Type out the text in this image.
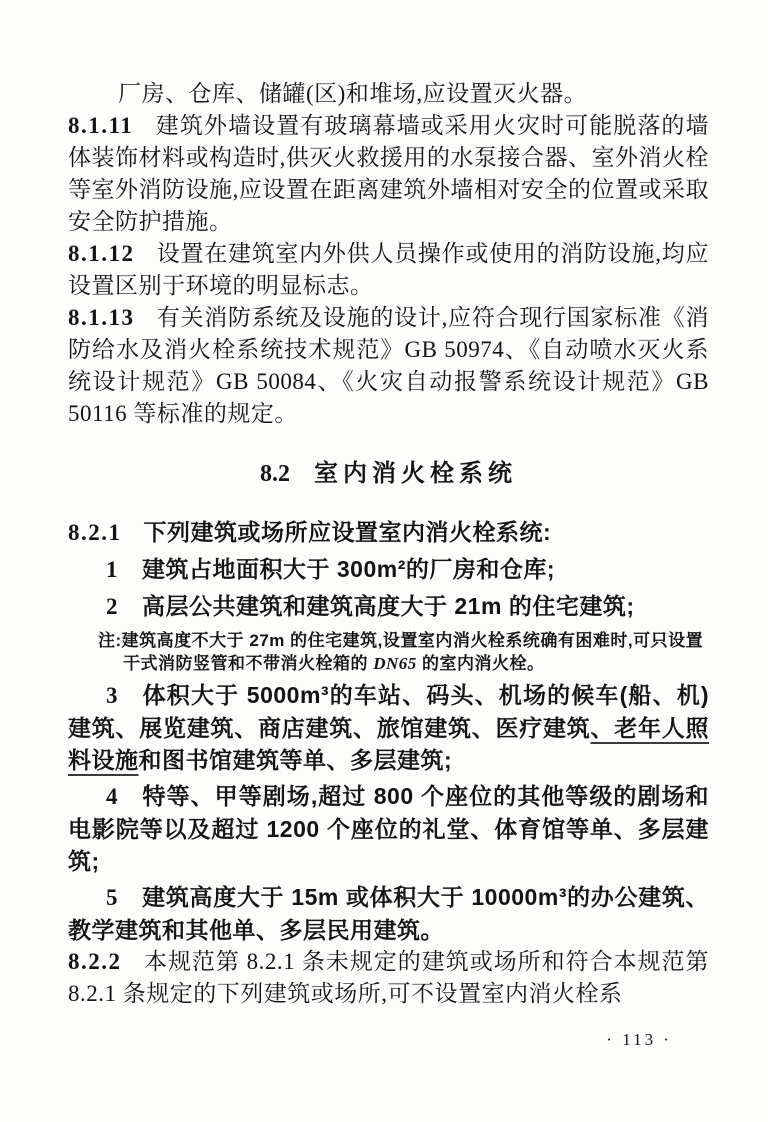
厂房、仓库、储罐(区)和堆场,应设置灭火器。

8.1.11 建筑外墙设置有玻璃幕墙或采用火灾时可能脱落的墙体装饰材料或构造时,供灭火救援用的水泵接合器、室外消火栓等室外消防设施,应设置在距离建筑外墙相对安全的位置或采取安全防护措施。

8.1.12 设置在建筑室内外供人员操作或使用的消防设施,均应设置区别于环境的明显标志。

8.1.13 有关消防系统及设施的设计,应符合现行国家标准《消防给水及消火栓系统技术规范》GB 50974、《自动喷水灭火系统设计规范》GB 50084、《火灾自动报警系统设计规范》GB 50116 等标准的规定。

8.2 室内消火栓系统

8.2.1 下列建筑或场所应设置室内消火栓系统:

1 建筑占地面积大于 300m²的厂房和仓库;

2 高层公共建筑和建筑高度大于 21m 的住宅建筑;

注:建筑高度不大于 27m 的住宅建筑,设置室内消火栓系统确有困难时,可只设置
干式消防竖管和不带消火栓箱的 DN65 的室内消火栓。

3 体积大于 5000m³的车站、码头、机场的候车(船、机)建筑、展览建筑、商店建筑、旅馆建筑、医疗建筑、老年人照料设施和图书馆建筑等单、多层建筑;

4 特等、甲等剧场,超过 800 个座位的其他等级的剧场和电影院等以及超过 1200 个座位的礼堂、体育馆等单、多层建筑;

5 建筑高度大于 15m 或体积大于 10000m³的办公建筑、教学建筑和其他单、多层民用建筑。

8.2.2 本规范第 8.2.1 条未规定的建筑或场所和符合本规范第 8.2.1 条规定的下列建筑或场所,可不设置室内消火栓系

· 113 ·
